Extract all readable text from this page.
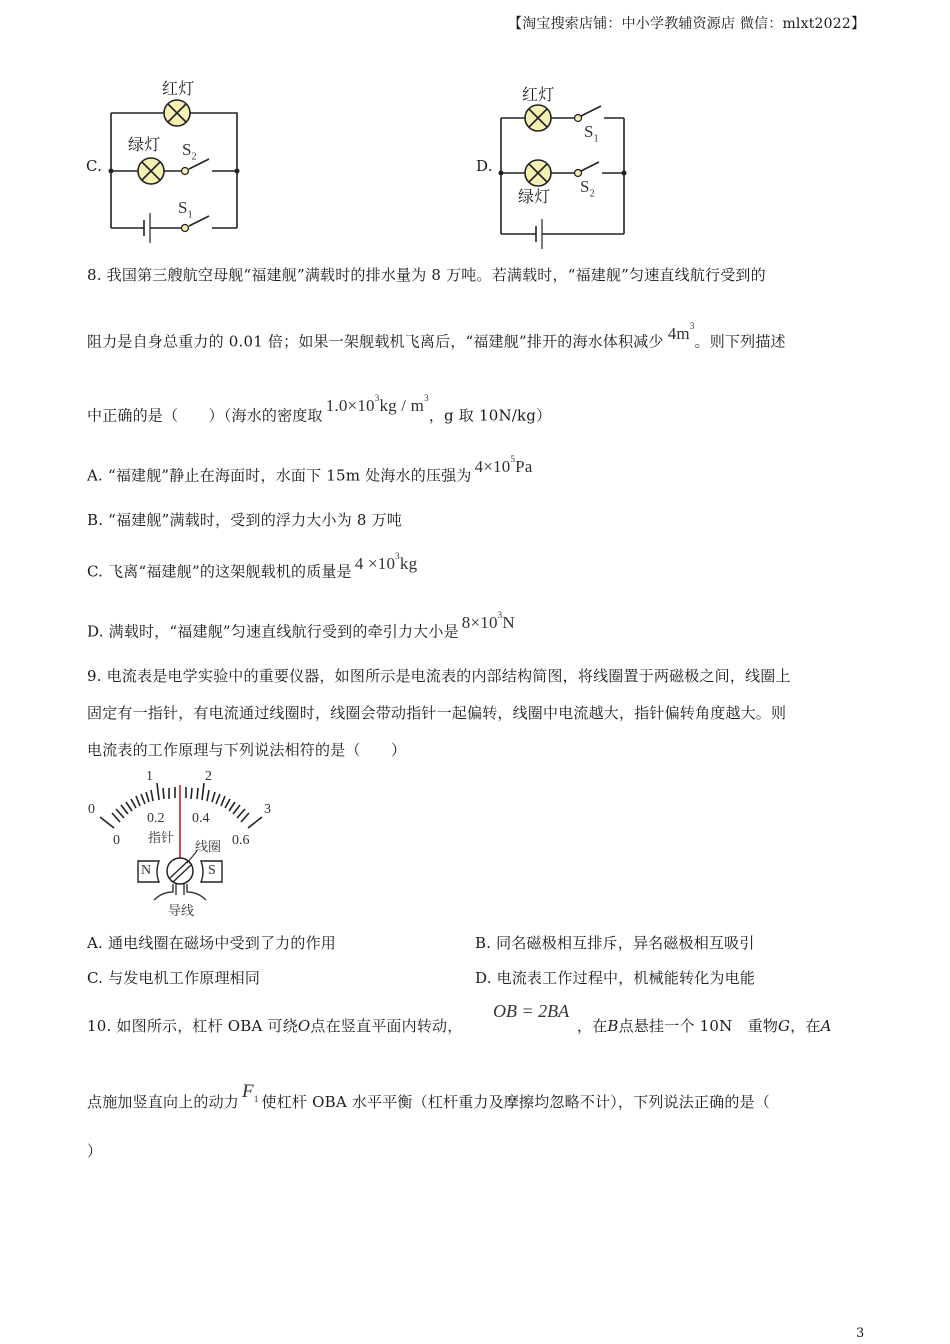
【淘宝搜索店铺：中小学教辅资源店 微信：mlxt2022】
C.
红灯
绿灯 $S_2$
$S_1$
D.
红灯
$S_1$
绿灯
$S_2$
8. 我国第三艘航空母舰“福建舰”满载时的排水量为 8 万吨。若满载时，“福建舰”匀速直线航行受到的
阻力是自身总重力的 0.01 倍；如果一架舰载机飞离后，“福建舰”排开的海水体积减少 $4m^3$。则下列描述
中正确的是（　　）（海水的密度取$1.0\times 10^3kg / m^3$，g 取 10N/kg）
A. “福建舰”静止在海面时，水面下 15m 处海水的压强为 $4\times 10^5Pa$
B. “福建舰”满载时，受到的浮力大小为 8 万吨
C. 飞离“福建舰”的这架舰载机的质量是 $4 \times 10^3kg$
D. 满载时，“福建舰”匀速直线航行受到的牵引力大小是 $8\times 10^3N$
9. 电流表是电学实验中的重要仪器，如图所示是电流表的内部结构简图，将线圈置于两磁极之间，线圈上
固定有一指针，有电流通过线圈时，线圈会带动指针一起偏转，线圈中电流越大，指针偏转角度越大。则
电流表的工作原理与下列说法相符的是（　　）
0
1	2
3
0
0.2 0.4
0.6
指针
线圈
N	S
导线
A. 通电线圈在磁场中受到了力的作用	B. 同名磁极相互排斥，异名磁极相互吸引
C. 与发电机工作原理相同	D. 电流表工作过程中，机械能转化为电能
10. 如图所示，杠杆 OBA 可绕O点在竖直平面内转动，
OB = 2BA
，在B点悬挂一个 10N　重物G，在A
点施加竖直向上的动力 $F_1$ 使杠杆 OBA 水平平衡（杠杆重力及摩擦均忽略不计），下列说法正确的是（
）
3
